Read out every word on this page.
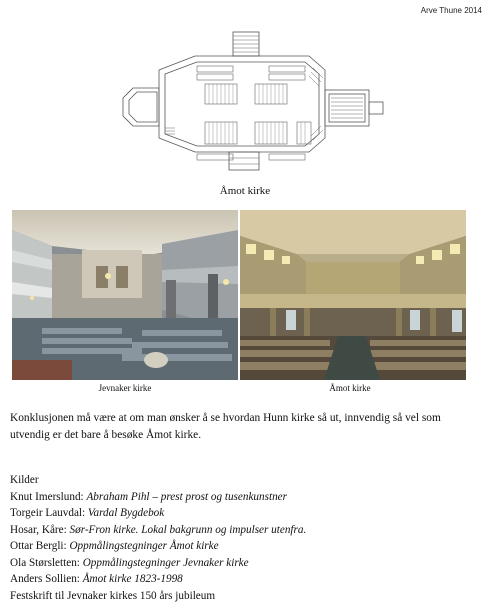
Arve Thune 2014
Åmot kirke
Jevnaker kirke	Åmot kirke
Konklusjonen må være at om man ønsker å se hvordan Hunn kirke så ut, innvendig så vel som utvendig er det bare å besøke Åmot kirke.
Kilder
Knut Imerslund: Abraham Pihl – prest prost og tusenkunstner
Torgeir Lauvdal: Vardal Bygdebok
Hosar, Kåre: Sør-Fron kirke. Lokal bakgrunn og impulser utenfra.
Ottar Bergli: Oppmålingstegninger Åmot kirke
Ola Størsletten: Oppmålingstegninger Jevnaker kirke
Anders Sollien: Åmot kirke 1823-1998
Festskrift til Jevnaker kirkes 150 års jubileum
